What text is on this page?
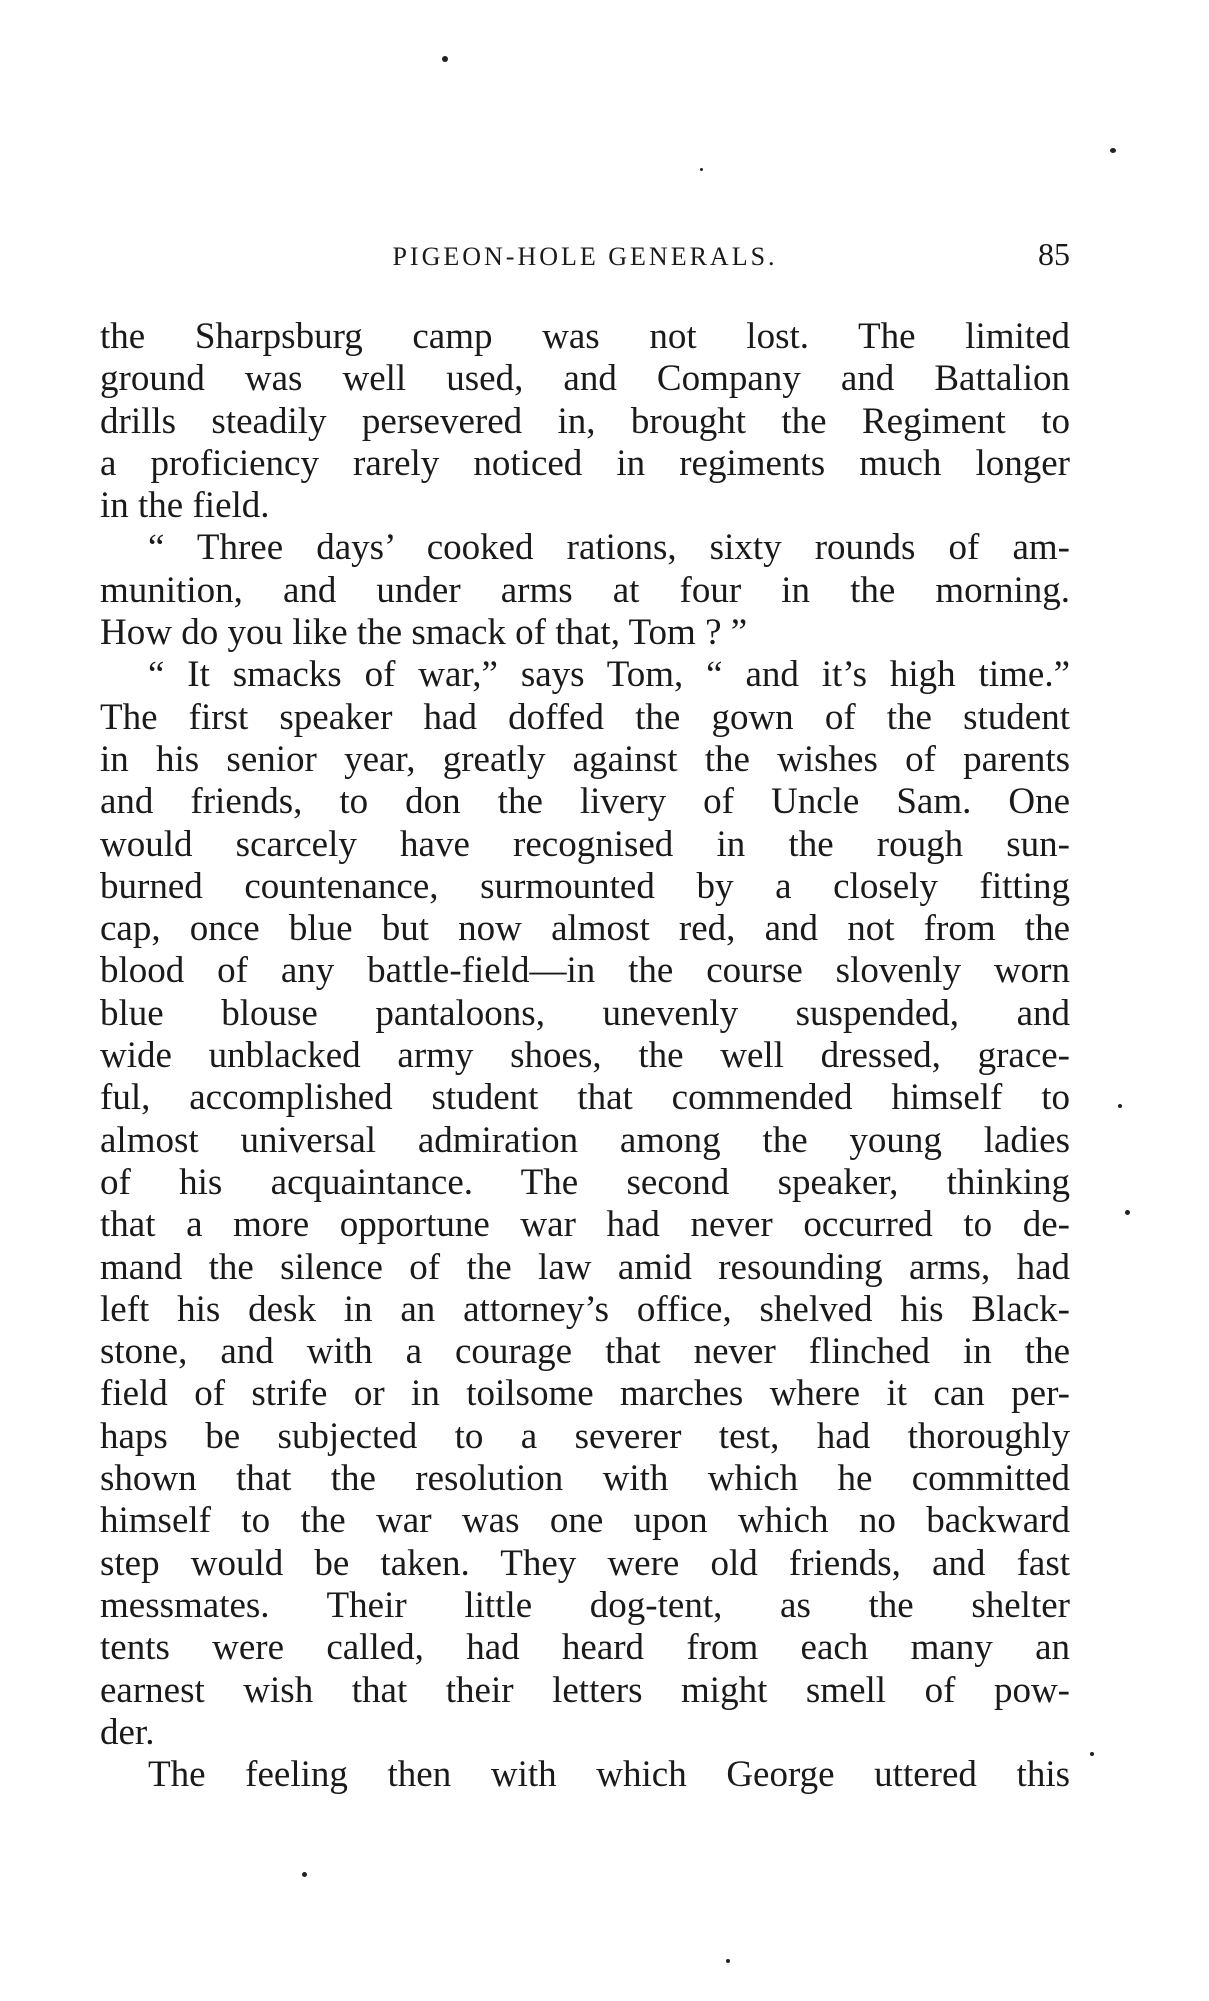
PIGEON-HOLE GENERALS.	85
the Sharpsburg camp was not lost. The limited
ground was well used, and Company and Battalion
drills steadily persevered in, brought the Regiment to
a proficiency rarely noticed in regiments much longer
in the field.
“ Three days’ cooked rations, sixty rounds of am-
munition, and under arms at four in the morning.
How do you like the smack of that, Tom ? ”
“ It smacks of war,” says Tom, “ and it’s high time.”
The first speaker had doffed the gown of the student
in his senior year, greatly against the wishes of parents
and friends, to don the livery of Uncle Sam. One
would scarcely have recognised in the rough sun-
burned countenance, surmounted by a closely fitting
cap, once blue but now almost red, and not from the
blood of any battle-field—in the course slovenly worn
blue blouse pantaloons, unevenly suspended, and
wide unblacked army shoes, the well dressed, grace-
ful, accomplished student that commended himself to
almost universal admiration among the young ladies
of his acquaintance. The second speaker, thinking
that a more opportune war had never occurred to de-
mand the silence of the law amid resounding arms, had
left his desk in an attorney’s office, shelved his Black-
stone, and with a courage that never flinched in the
field of strife or in toilsome marches where it can per-
haps be subjected to a severer test, had thoroughly
shown that the resolution with which he committed
himself to the war was one upon which no backward
step would be taken. They were old friends, and fast
messmates. Their little dog-tent, as the shelter
tents were called, had heard from each many an
earnest wish that their letters might smell of pow-
der.
The feeling then with which George uttered this
